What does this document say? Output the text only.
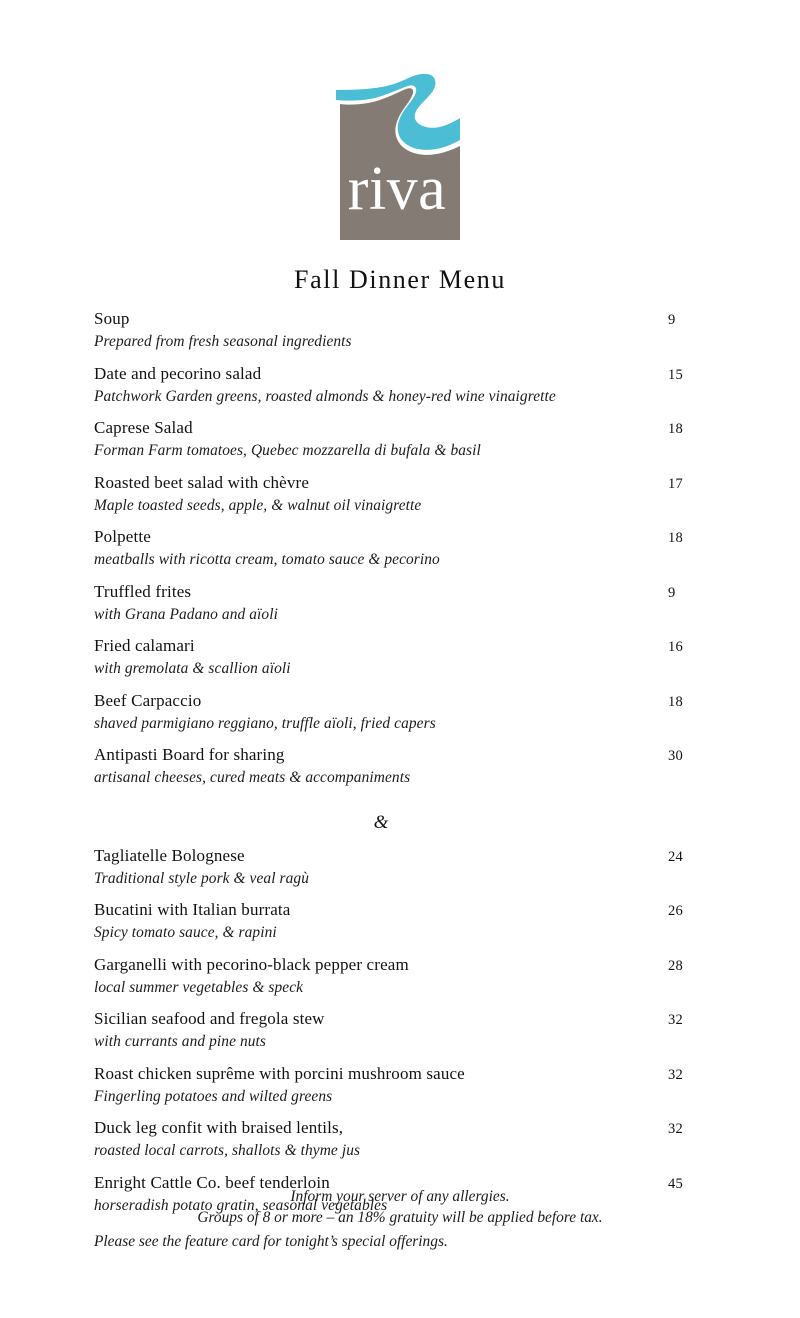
riva
Fall Dinner Menu
Soup	9
Prepared from fresh seasonal ingredients
Date and pecorino salad	15
Patchwork Garden greens, roasted almonds & honey-red wine vinaigrette
Caprese Salad	18
Forman Farm tomatoes, Quebec mozzarella di bufala & basil
Roasted beet salad with chèvre	17
Maple toasted seeds, apple, & walnut oil vinaigrette
Polpette	18
meatballs with ricotta cream, tomato sauce & pecorino
Truffled frites	9
with Grana Padano and aïoli
Fried calamari	16
with gremolata & scallion aïoli
Beef Carpaccio	18
shaved parmigiano reggiano, truffle aïoli, fried capers
Antipasti Board for sharing	30
artisanal cheeses, cured meats & accompaniments
&
Tagliatelle Bolognese	24
Traditional style pork & veal ragù
Bucatini with Italian burrata	26
Spicy tomato sauce, & rapini
Garganelli with pecorino-black pepper cream	28
local summer vegetables & speck
Sicilian seafood and fregola stew	32
with currants and pine nuts
Roast chicken suprême with porcini mushroom sauce	32
Fingerling potatoes and wilted greens
Duck leg confit with braised lentils,	32
roasted local carrots, shallots & thyme jus
Enright Cattle Co. beef tenderloin	45
horseradish potato gratin, seasonal vegetables
Please see the feature card for tonight’s special offerings.
Inform your server of any allergies.
Groups of 8 or more – an 18% gratuity will be applied before tax.
